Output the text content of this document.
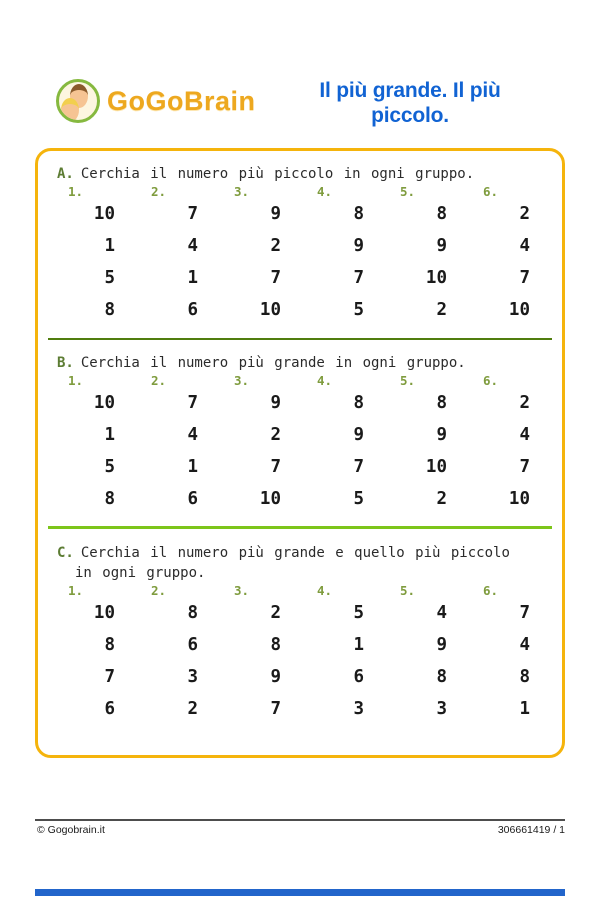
GoGoBrain	Il più grande. Il più
piccolo.
A. Cerchia il numero più piccolo in ogni gruppo.
1.
10
1
5
8
2.
7
4
1
6
3.
9
2
7
10
4.
8
9
7
5
5.
8
9
10
2
6.
2
4
7
10
B. Cerchia il numero più grande in ogni gruppo.
1.
10
1
5
8
2.
7
4
1
6
3.
9
2
7
10
4.
8
9
7
5
5.
8
9
10
2
6.
2
4
7
10
C. Cerchia il numero più grande e quello più piccolo
in ogni gruppo.
1.
10
8
7
6
2.
8
6
3
2
3.
2
8
9
7
4.
5
1
6
3
5.
4
9
8
3
6.
7
4
8
1
© Gogobrain.it	306661419 / 1
